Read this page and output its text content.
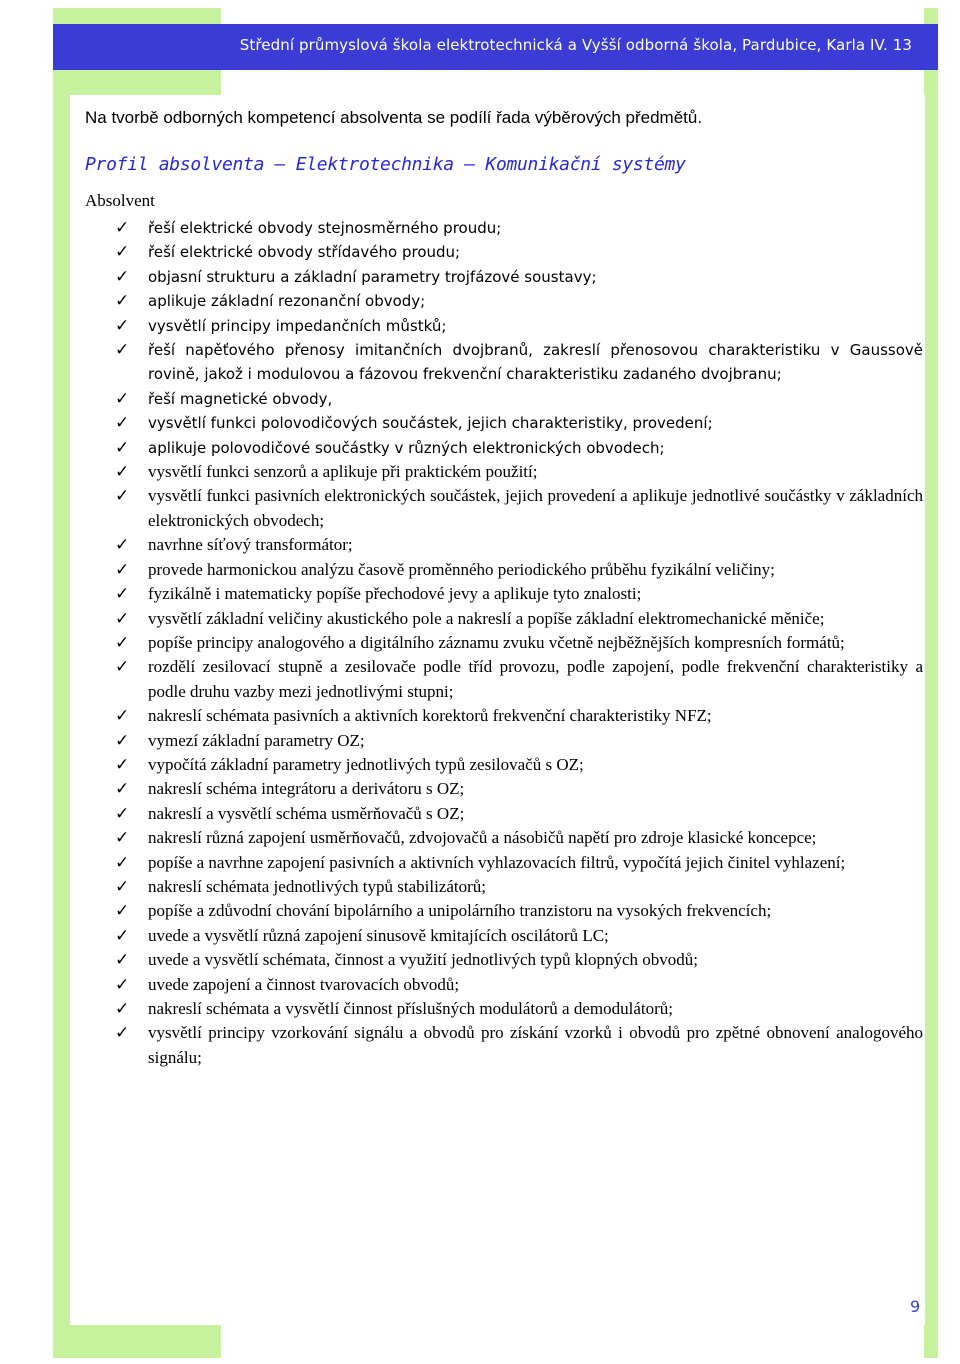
Střední průmyslová škola elektrotechnická a Vyšší odborná škola, Pardubice, Karla IV. 13
Na tvorbě odborných kompetencí absolventa se podílí řada výběrových předmětů.
Profil absolventa – Elektrotechnika – Komunikační systémy
Absolvent
✓ řeší elektrické obvody stejnosměrného proudu;
✓ řeší elektrické obvody střídavého proudu;
✓ objasní strukturu a základní parametry trojfázové soustavy;
✓ aplikuje základní rezonanční obvody;
✓ vysvětlí principy impedančních můstků;
✓ řeší napěťového přenosy imitančních dvojbranů, zakreslí přenosovou charakteristiku v Gaussově rovině, jakož i modulovou a fázovou frekvenční charakteristiku zadaného dvojbranu;
✓ řeší magnetické obvody,
✓ vysvětlí funkci polovodičových součástek, jejich charakteristiky, provedení;
✓ aplikuje polovodičové součástky v různých elektronických obvodech;
✓ vysvětlí funkci senzorů a aplikuje při praktickém použití;
✓ vysvětlí funkci pasivních elektronických součástek, jejich provedení a aplikuje jednotlivé součástky v základních elektronických obvodech;
✓ navrhne síťový transformátor;
✓ provede harmonickou analýzu časově proměnného periodického průběhu fyzikální veličiny;
✓ fyzikálně i matematicky popíše přechodové jevy a aplikuje tyto znalosti;
✓ vysvětlí základní veličiny akustického pole a nakreslí a popíše základní elektromechanické měniče;
✓ popíše principy analogového a digitálního záznamu zvuku včetně nejběžnějších kompresních formátů;
✓ rozdělí zesilovací stupně a zesilovače podle tříd provozu, podle zapojení, podle frekvenční charakteristiky a podle druhu vazby mezi jednotlivými stupni;
✓ nakreslí schémata pasivních a aktivních korektorů frekvenční charakteristiky NFZ;
✓ vymezí základní parametry OZ;
✓ vypočítá základní parametry jednotlivých typů zesilovačů s OZ;
✓ nakreslí schéma integrátoru a derivátoru s OZ;
✓ nakreslí a vysvětlí schéma usměrňovačů s OZ;
✓ nakreslí různá zapojení usměrňovačů, zdvojovačů a násobičů napětí pro zdroje klasické koncepce;
✓ popíše a navrhne zapojení pasivních a aktivních vyhlazovacích filtrů, vypočítá jejich činitel vyhlazení;
✓ nakreslí schémata jednotlivých typů stabilizátorů;
✓ popíše a zdůvodní chování bipolárního a unipolárního tranzistoru na vysokých frekvencích;
✓ uvede a vysvětlí různá zapojení sinusově kmitajících oscilátorů LC;
✓ uvede a vysvětlí schémata, činnost a využití jednotlivých typů klopných obvodů;
✓ uvede zapojení a činnost tvarovacích obvodů;
✓ nakreslí schémata a vysvětlí činnost příslušných modulátorů a demodulátorů;
✓ vysvětlí principy vzorkování signálu a obvodů pro získání vzorků i obvodů pro zpětné obnovení analogového signálu;
9
